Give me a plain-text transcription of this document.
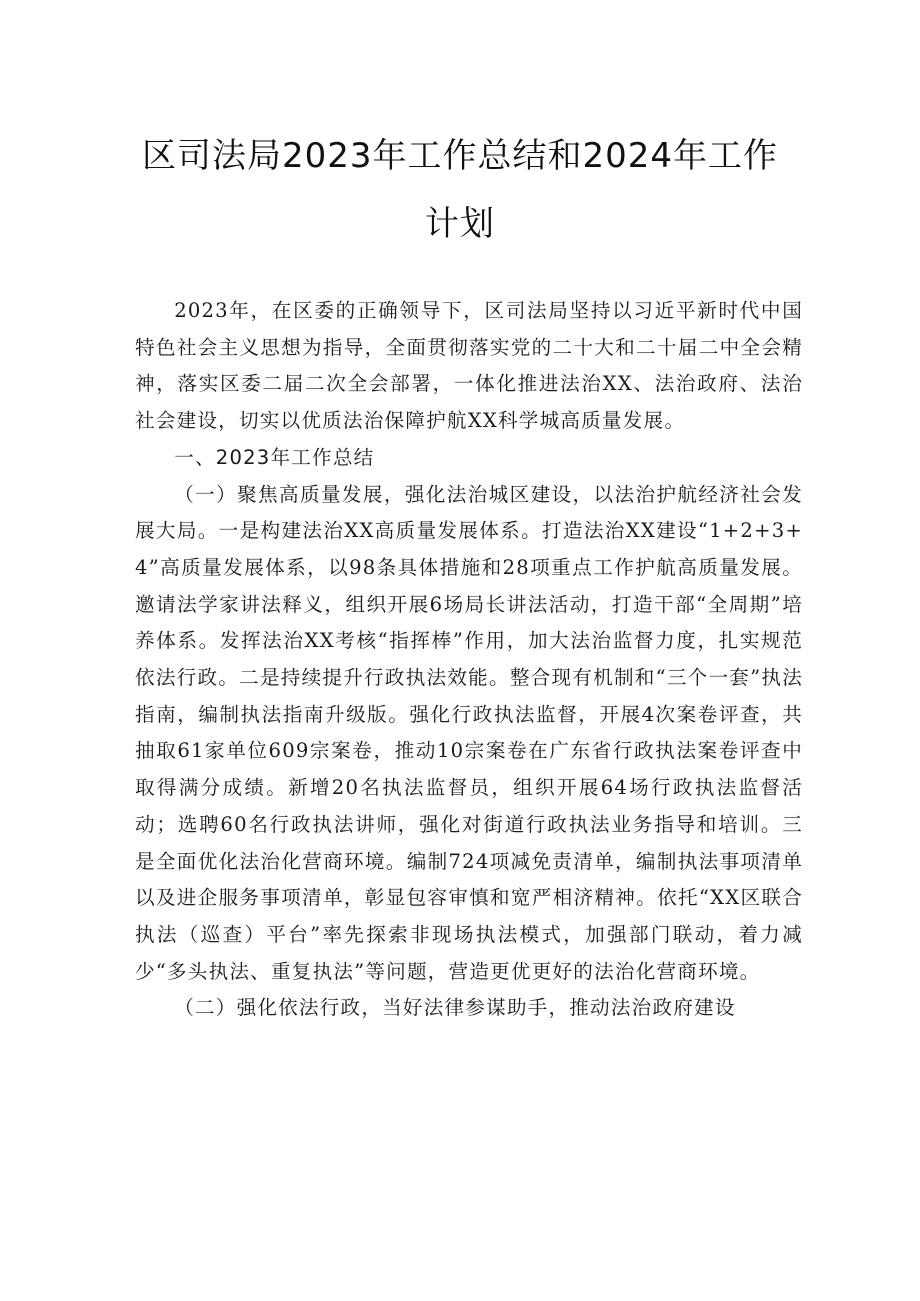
区司法局2023年工作总结和2024年工作
计划

2023年，在区委的正确领导下，区司法局坚持以习近平新时代中国特色社会主义思想为指导，全面贯彻落实党的二十大和二十届二中全会精神，落实区委二届二次全会部署，一体化推进法治XX、法治政府、法治社会建设，切实以优质法治保障护航XX科学城高质量发展。

一、2023年工作总结

（一）聚焦高质量发展，强化法治城区建设，以法治护航经济社会发展大局。一是构建法治XX高质量发展体系。打造法治XX建设“1+2+3+4”高质量发展体系，以98条具体措施和28项重点工作护航高质量发展。邀请法学家讲法释义，组织开展6场局长讲法活动，打造干部“全周期”培养体系。发挥法治XX考核“指挥棒”作用，加大法治监督力度，扎实规范依法行政。二是持续提升行政执法效能。整合现有机制和“三个一套”执法指南，编制执法指南升级版。强化行政执法监督，开展4次案卷评查，共抽取61家单位609宗案卷，推动10宗案卷在广东省行政执法案卷评查中取得满分成绩。新增20名执法监督员，组织开展64场行政执法监督活动；选聘60名行政执法讲师，强化对街道行政执法业务指导和培训。三是全面优化法治化营商环境。编制724项减免责清单，编制执法事项清单以及进企服务事项清单，彰显包容审慎和宽严相济精神。依托“XX区联合执法（巡查）平台”率先探索非现场执法模式，加强部门联动，着力减少“多头执法、重复执法”等问题，营造更优更好的法治化营商环境。

（二）强化依法行政，当好法律参谋助手，推动法治政府建设
